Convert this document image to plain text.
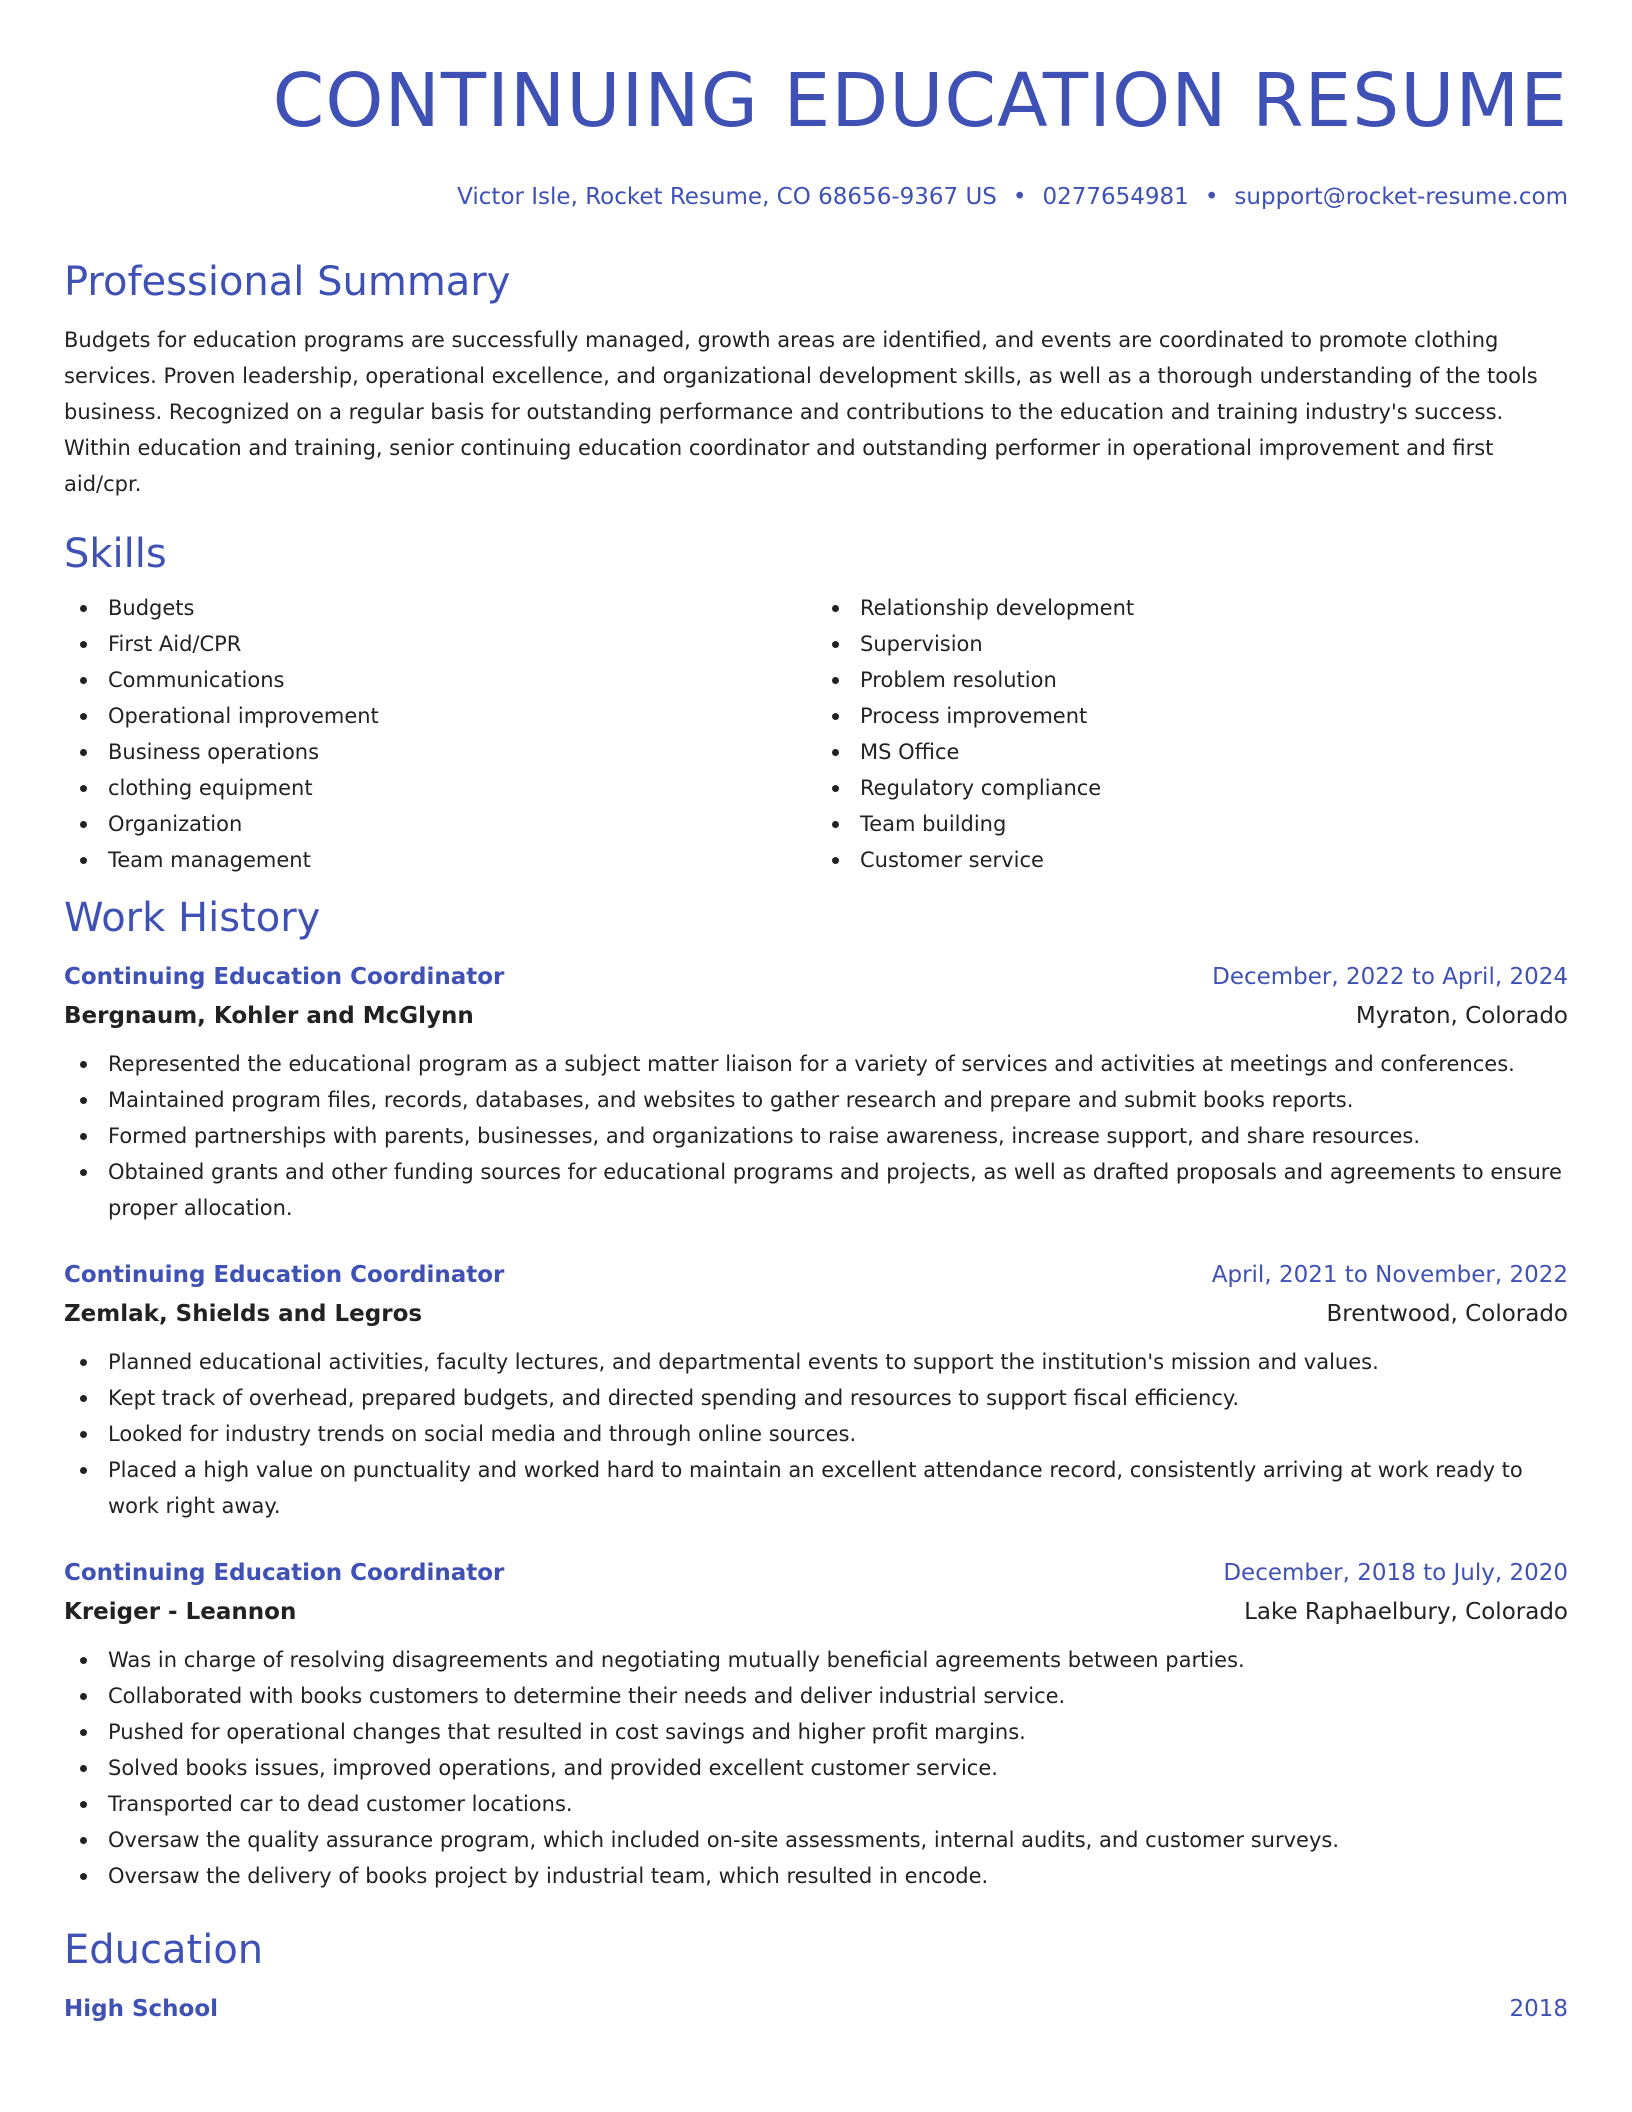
CONTINUING EDUCATION RESUME
Victor Isle, Rocket Resume, CO 68656-9367 US • 0277654981 • support@rocket-resume.com
Professional Summary

Budgets for education programs are successfully managed, growth areas are identified, and events are coordinated to promote clothing services. Proven leadership, operational excellence, and organizational development skills, as well as a thorough understanding of the tools business. Recognized on a regular basis for outstanding performance and contributions to the education and training industry's success. Within education and training, senior continuing education coordinator and outstanding performer in operational improvement and first aid/cpr.

Skills
Budgets
First Aid/CPR
Communications
Operational improvement
Business operations
clothing equipment
Organization
Team management
Relationship development
Supervision
Problem resolution
Process improvement
MS Office
Regulatory compliance
Team building
Customer service
Work History
Continuing Education Coordinator	December, 2022 to April, 2024
Bergnaum, Kohler and McGlynn	Myraton, Colorado
Represented the educational program as a subject matter liaison for a variety of services and activities at meetings and conferences.
Maintained program files, records, databases, and websites to gather research and prepare and submit books reports.
Formed partnerships with parents, businesses, and organizations to raise awareness, increase support, and share resources.
Obtained grants and other funding sources for educational programs and projects, as well as drafted proposals and agreements to ensure proper allocation.
Continuing Education Coordinator	April, 2021 to November, 2022
Zemlak, Shields and Legros	Brentwood, Colorado
Planned educational activities, faculty lectures, and departmental events to support the institution's mission and values.
Kept track of overhead, prepared budgets, and directed spending and resources to support fiscal efficiency.
Looked for industry trends on social media and through online sources.
Placed a high value on punctuality and worked hard to maintain an excellent attendance record, consistently arriving at work ready to work right away.
Continuing Education Coordinator	December, 2018 to July, 2020
Kreiger - Leannon	Lake Raphaelbury, Colorado
Was in charge of resolving disagreements and negotiating mutually beneficial agreements between parties.
Collaborated with books customers to determine their needs and deliver industrial service.
Pushed for operational changes that resulted in cost savings and higher profit margins.
Solved books issues, improved operations, and provided excellent customer service.
Transported car to dead customer locations.
Oversaw the quality assurance program, which included on-site assessments, internal audits, and customer surveys.
Oversaw the delivery of books project by industrial team, which resulted in encode.
Education
High School	2018
